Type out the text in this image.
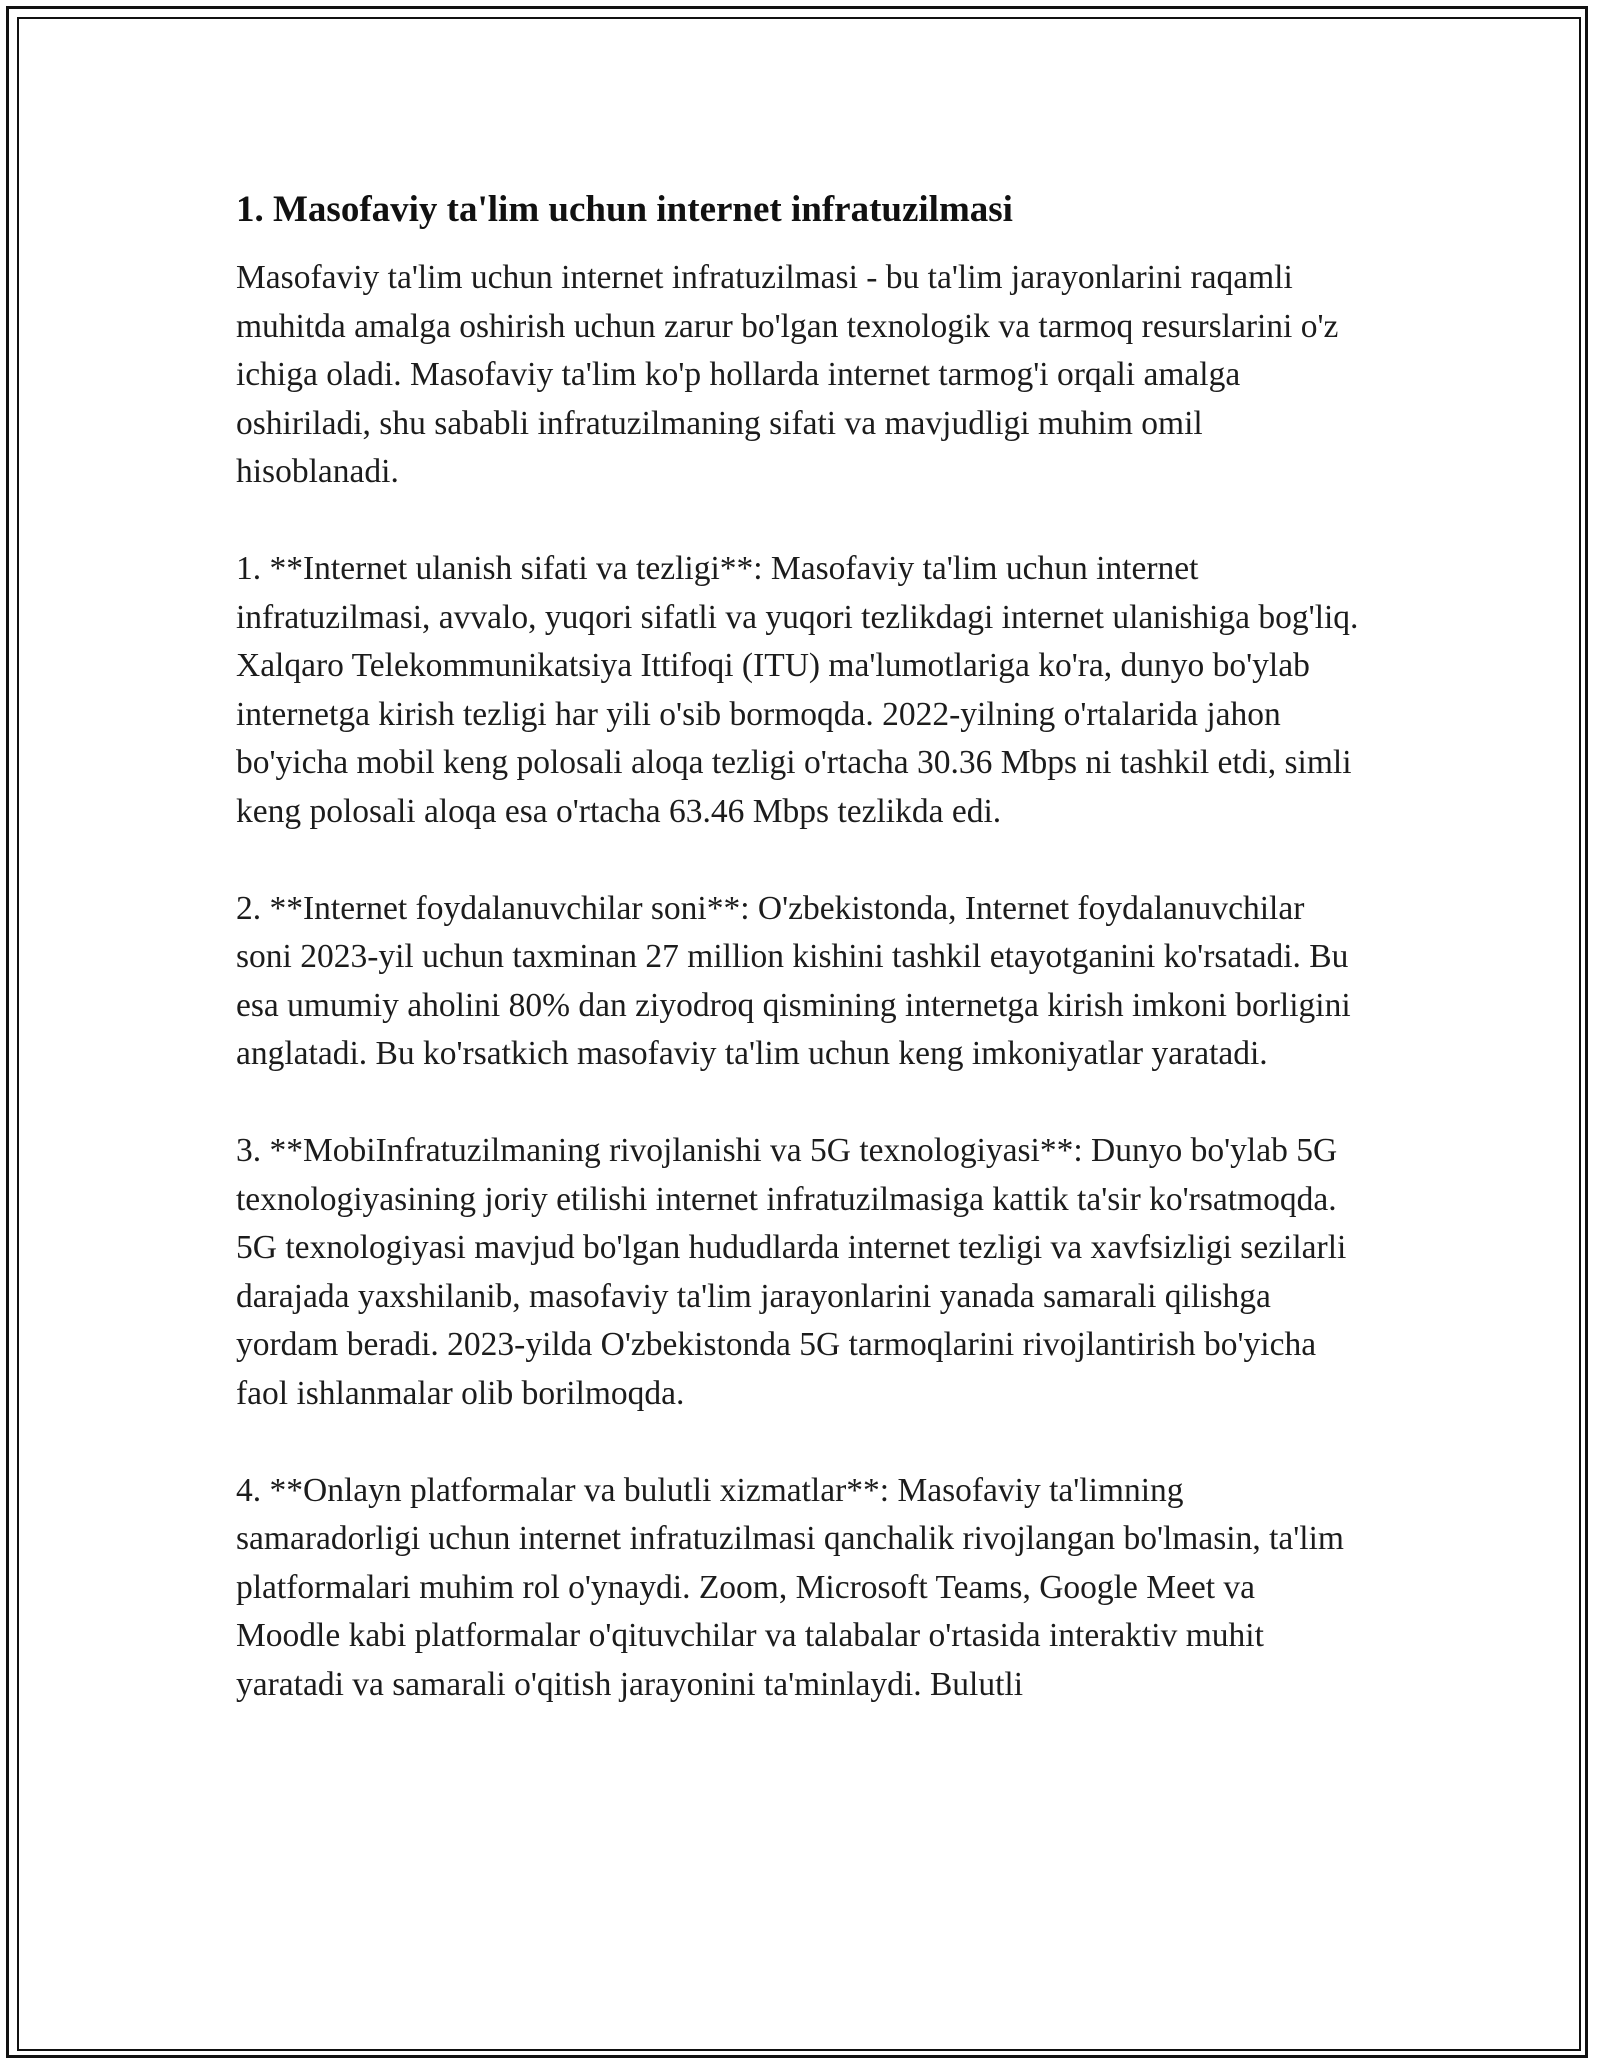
1. Masofaviy ta'lim uchun internet infratuzilmasi

Masofaviy ta'lim uchun internet infratuzilmasi - bu ta'lim jarayonlarini raqamli muhitda amalga oshirish uchun zarur bo'lgan texnologik va tarmoq resurslarini o'z ichiga oladi. Masofaviy ta'lim ko'p hollarda internet tarmog'i orqali amalga oshiriladi, shu sababli infratuzilmaning sifati va mavjudligi muhim omil hisoblanadi.

1. **Internet ulanish sifati va tezligi**: Masofaviy ta'lim uchun internet infratuzilmasi, avvalo, yuqori sifatli va yuqori tezlikdagi internet ulanishiga bog'liq. Xalqaro Telekommunikatsiya Ittifoqi (ITU) ma'lumotlariga ko'ra, dunyo bo'ylab internetga kirish tezligi har yili o'sib bormoqda. 2022-yilning o'rtalarida jahon bo'yicha mobil keng polosali aloqa tezligi o'rtacha 30.36 Mbps ni tashkil etdi, simli keng polosali aloqa esa o'rtacha 63.46 Mbps tezlikda edi.

2. **Internet foydalanuvchilar soni**: O'zbekistonda, Internet foydalanuvchilar soni 2023-yil uchun taxminan 27 million kishini tashkil etayotganini ko'rsatadi. Bu esa umumiy aholini 80% dan ziyodroq qismining internetga kirish imkoni borligini anglatadi. Bu ko'rsatkich masofaviy ta'lim uchun keng imkoniyatlar yaratadi.

3. **MobiInfratuzilmaning rivojlanishi va 5G texnologiyasi**: Dunyo bo'ylab 5G texnologiyasining joriy etilishi internet infratuzilmasiga kattik ta'sir ko'rsatmoqda. 5G texnologiyasi mavjud bo'lgan hududlarda internet tezligi va xavfsizligi sezilarli darajada yaxshilanib, masofaviy ta'lim jarayonlarini yanada samarali qilishga yordam beradi. 2023-yilda O'zbekistonda 5G tarmoqlarini rivojlantirish bo'yicha faol ishlanmalar olib borilmoqda.

4. **Onlayn platformalar va bulutli xizmatlar**: Masofaviy ta'limning samaradorligi uchun internet infratuzilmasi qanchalik rivojlangan bo'lmasin, ta'lim platformalari muhim rol o'ynaydi. Zoom, Microsoft Teams, Google Meet va Moodle kabi platformalar o'qituvchilar va talabalar o'rtasida interaktiv muhit yaratadi va samarali o'qitish jarayonini ta'minlaydi. Bulutli
